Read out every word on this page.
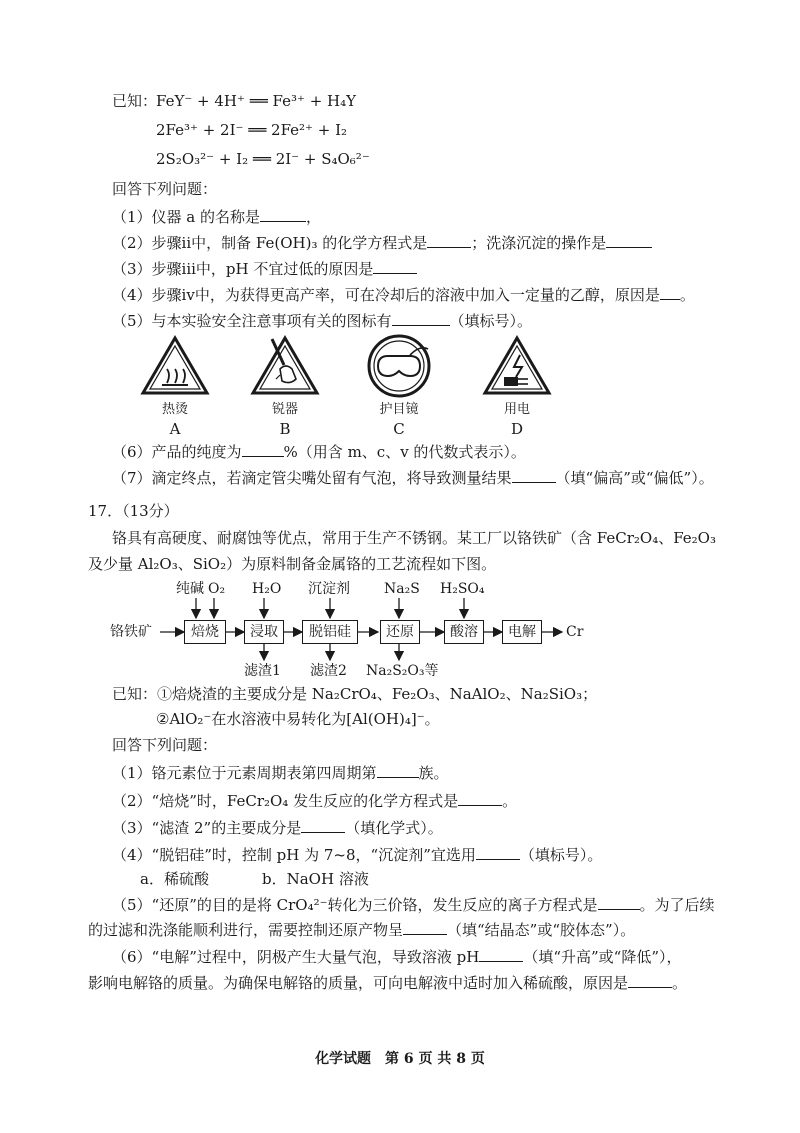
已知：
FeY⁻ + 4H⁺ ══ Fe³⁺ + H₄Y
2Fe³⁺ + 2I⁻ ══ 2Fe²⁺ + I₂
2S₂O₃²⁻ + I₂ ══ 2I⁻ + S₄O₆²⁻
回答下列问题：
（1）仪器 a 的名称是	，
（2）步骤ii中，制备 Fe(OH)₃ 的化学方程式是	；洗涤沉淀的操作是
（3）步骤iii中，pH 不宜过低的原因是
（4）步骤iv中，为获得更高产率，可在冷却后的溶液中加入一定量的乙醇，原因是 。
（5）与本实验安全注意事项有关的图标有	（填标号）。
热烫	锐器	护目镜	用电
A	B	C	D
（6）产品的纯度为	%（用含 m、c、v 的代数式表示）。
（7）滴定终点，若滴定管尖嘴处留有气泡，将导致测量结果	（填“偏高”或“偏低”）。
17．（13分）
铬具有高硬度、耐腐蚀等优点，常用于生产不锈钢。某工厂以铬铁矿（含 FeCr₂O₄、Fe₂O₃
及少量 Al₂O₃、SiO₂）为原料制备金属铬的工艺流程如下图。
铬铁矿	焙烧	浸取	脱铝硅	还原	酸溶	电解	Cr
纯碱 O₂ H₂O 沉淀剂 Na₂S H₂SO₄
滤渣1 滤渣2 Na₂S₂O₃等
已知：①焙烧渣的主要成分是 Na₂CrO₄、Fe₂O₃、NaAlO₂、Na₂SiO₃；
②AlO₂⁻在水溶液中易转化为[Al(OH)₄]⁻。
回答下列问题：
（1）铬元素位于元素周期表第四周期第	族。
（2）“焙烧”时，FeCr₂O₄ 发生反应的化学方程式是	。
（3）“滤渣 2”的主要成分是	（填化学式）。
（4）“脱铝硅”时，控制 pH 为 7~8，“沉淀剂”宜选用	（填标号）。
a．稀硫酸	b．NaOH 溶液
（5）“还原”的目的是将 CrO₄²⁻转化为三价铬，发生反应的离子方程式是	。为了后续
的过滤和洗涤能顺利进行，需要控制还原产物呈	（填“结晶态”或“胶体态”）。
（6）“电解”过程中，阴极产生大量气泡，导致溶液 pH	（填“升高”或“降低”），
影响电解铬的质量。为确保电解铬的质量，可向电解液中适时加入稀硫酸，原因是	。
化学试题　第 6 页 共 8 页
